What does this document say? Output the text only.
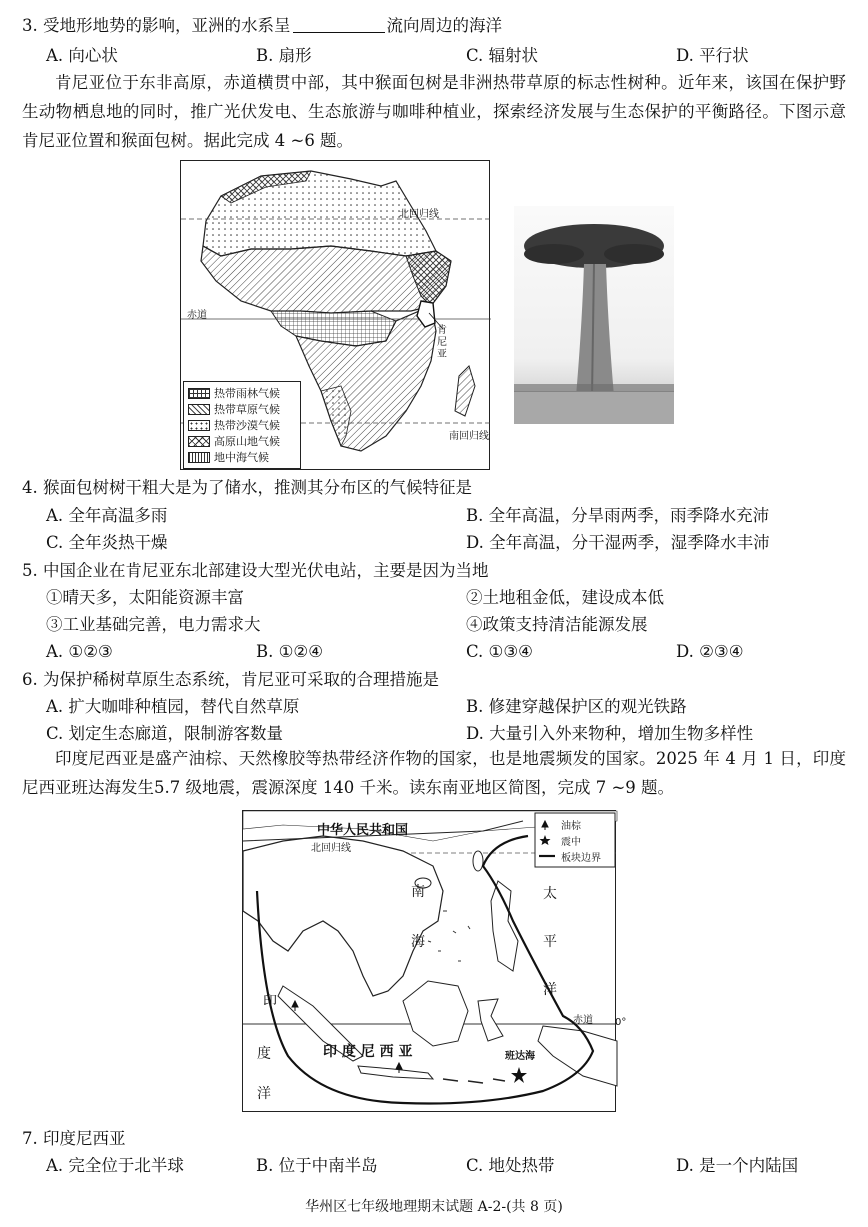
3. 受地形地势的影响，亚洲的水系呈	流向周边的海洋
A. 向心状	B. 扇形	C. 辐射状	D. 平行状
肯尼亚位于东非高原，赤道横贯中部，其中猴面包树是非洲热带草原的标志性树种。近年来，该国在保护野生动物栖息地的同时，推广光伏发电、生态旅游与咖啡种植业，探索经济发展与生态保护的平衡路径。下图示意肯尼亚位置和猴面包树。据此完成 4 ~6 题。
北回归线
赤道
肯尼亚
南回归线
热带雨林气候
热带草原气候
热带沙漠气候
高原山地气候
地中海气候
4. 猴面包树树干粗大是为了储水，推测其分布区的气候特征是
A. 全年高温多雨	B. 全年高温，分旱雨两季，雨季降水充沛
C. 全年炎热干燥	D. 全年高温，分干湿两季，湿季降水丰沛
5. 中国企业在肯尼亚东北部建设大型光伏电站，主要是因为当地
①晴天多，太阳能资源丰富	②土地租金低，建设成本低
③工业基础完善，电力需求大	④政策支持清洁能源发展
A. ①②③	B. ①②④	C. ①③④	D. ②③④
6. 为保护稀树草原生态系统，肯尼亚可采取的合理措施是
A. 扩大咖啡种植园，替代自然草原	B. 修建穿越保护区的观光铁路
C. 划定生态廊道，限制游客数量	D. 大量引入外来物种，增加生物多样性
印度尼西亚是盛产油棕、天然橡胶等热带经济作物的国家，也是地震频发的国家。2025 年 4 月 1 日，印度尼西亚班达海发生5.7 级地震，震源深度 140 千米。读东南亚地区简图，完成 7 ~9 题。
中华人民共和国
北回归线
油棕
震中
板块边界
南
海
太
平
洋
赤道 0°
印
度
洋
印 度 尼 西 亚	班达海
7. 印度尼西亚
A. 完全位于北半球	B. 位于中南半岛	C. 地处热带	D. 是一个内陆国
华州区七年级地理期末试题 A-2-(共 8 页)
